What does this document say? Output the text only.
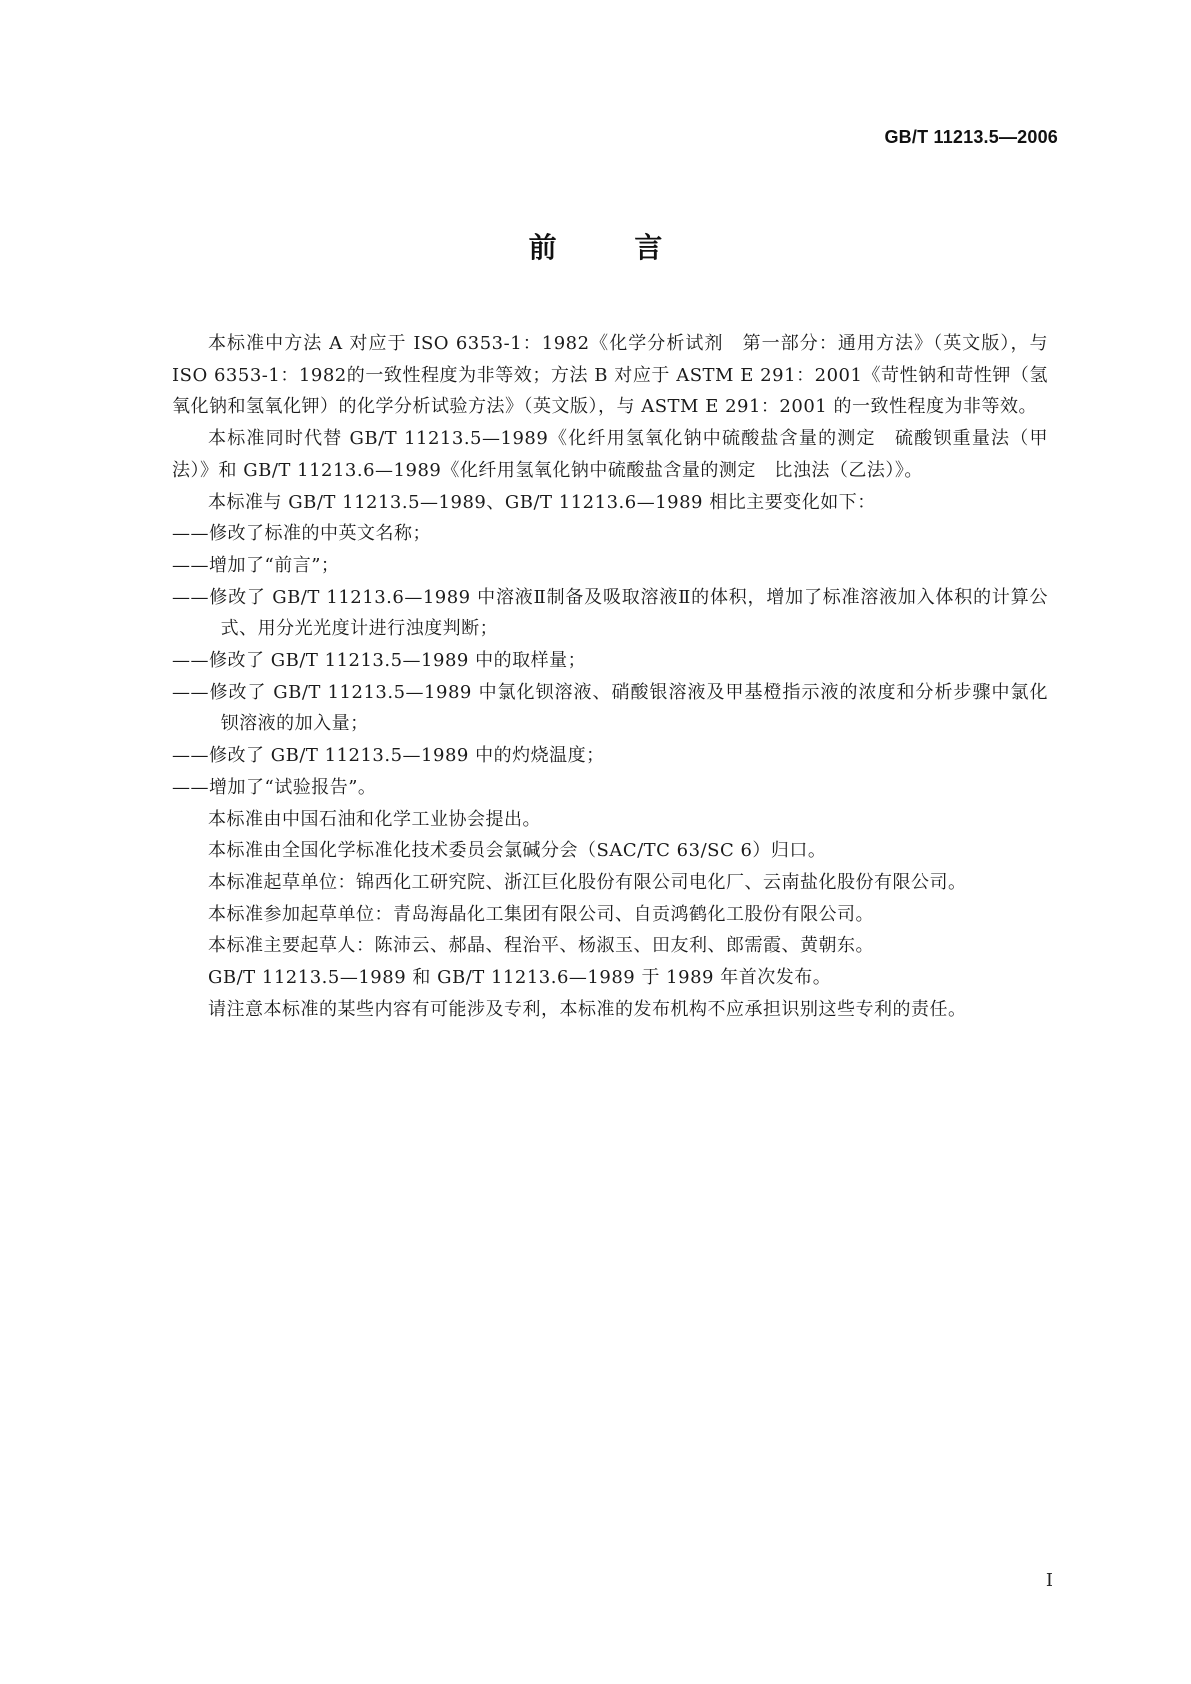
GB/T 11213.5—2006
前 言

本标准中方法 A 对应于 ISO 6353-1：1982《化学分析试剂　第一部分：通用方法》（英文版），与ISO 6353-1：1982的一致性程度为非等效；方法 B 对应于 ASTM E 291：2001《苛性钠和苛性钾（氢氧化钠和氢氧化钾）的化学分析试验方法》（英文版），与 ASTM E 291：2001 的一致性程度为非等效。

本标准同时代替 GB/T 11213.5—1989《化纤用氢氧化钠中硫酸盐含量的测定　硫酸钡重量法（甲法）》和 GB/T 11213.6—1989《化纤用氢氧化钠中硫酸盐含量的测定　比浊法（乙法）》。

本标准与 GB/T 11213.5—1989、GB/T 11213.6—1989 相比主要变化如下：

——修改了标准的中英文名称；

——增加了“前言”；

——修改了 GB/T 11213.6—1989 中溶液Ⅱ制备及吸取溶液Ⅱ的体积，增加了标准溶液加入体积的计算公式、用分光光度计进行浊度判断；

——修改了 GB/T 11213.5—1989 中的取样量；

——修改了 GB/T 11213.5—1989 中氯化钡溶液、硝酸银溶液及甲基橙指示液的浓度和分析步骤中氯化钡溶液的加入量；

——修改了 GB/T 11213.5—1989 中的灼烧温度；

——增加了“试验报告”。

本标准由中国石油和化学工业协会提出。

本标准由全国化学标准化技术委员会氯碱分会（SAC/TC 63/SC 6）归口。

本标准起草单位：锦西化工研究院、浙江巨化股份有限公司电化厂、云南盐化股份有限公司。

本标准参加起草单位：青岛海晶化工集团有限公司、自贡鸿鹤化工股份有限公司。

本标准主要起草人：陈沛云、郝晶、程治平、杨淑玉、田友利、郎需霞、黄朝东。

GB/T 11213.5—1989 和 GB/T 11213.6—1989 于 1989 年首次发布。

请注意本标准的某些内容有可能涉及专利，本标准的发布机构不应承担识别这些专利的责任。

I
